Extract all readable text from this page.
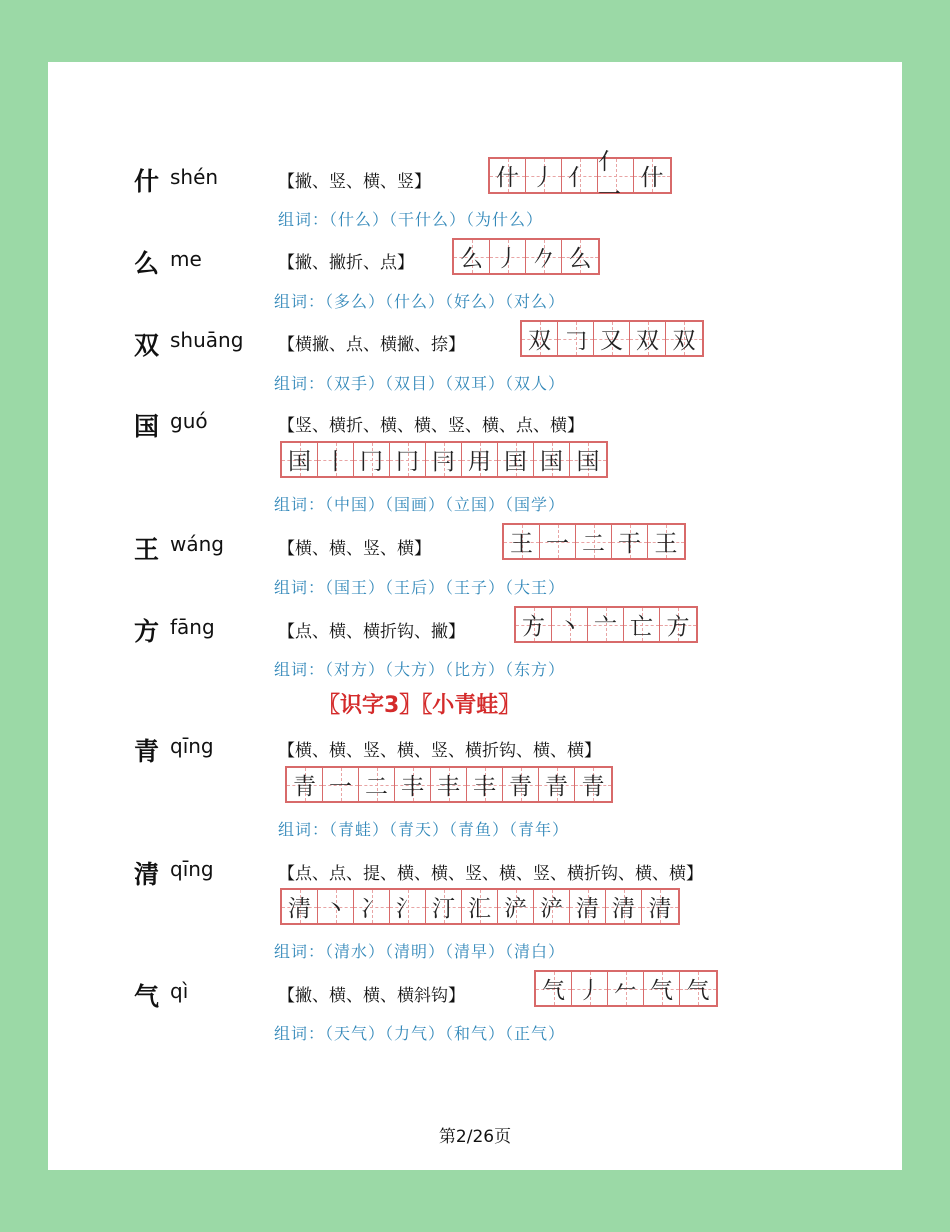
什 shén	【撇、竖、横、竖】	什 丿 亻
亻一
什
组词：（什么）（干什么）（为什么）
么 me	【撇、撇折、点】 么 丿 𠂊 么
组词：（多么）（什么）（好么）（对么）
双 shuāng 【横撇、点、横撇、捺】	双 𠃌 又 双 双
组词：（双手）（双目）（双耳）（双人）
国 guó	【竖、横折、横、横、竖、横、点、横】
国 丨 冂 冂 冃 用 囯 国 国
组词：（中国）（国画）（立国）（国学）
王 wáng	【横、横、竖、横】	王 一 二 干 王
组词：（国王）（王后）（王子）（大王）
方 fāng	【点、横、横折钩、撇】 方 丶 亠 亡 方
组词：（对方）（大方）（比方）（东方）
〖识字3〗〖小青蛙〗
青 qīng	【横、横、竖、横、竖、横折钩、横、横】
青 一 二 丰 丰 丰 青 青 青
组词：（青蛙）（青天）（青鱼）（青年）
清 qīng	【点、点、提、横、横、竖、横、竖、横折钩、横、横】
清 丶 冫 氵 汀 汇 浐 浐 清 清 清
组词：（清水）（清明）（清早）（清白）
气 qì	【撇、横、横、横斜钩】	气 丿 𠂉 气 气
组词：（天气）（力气）（和气）（正气）
第2/26页
